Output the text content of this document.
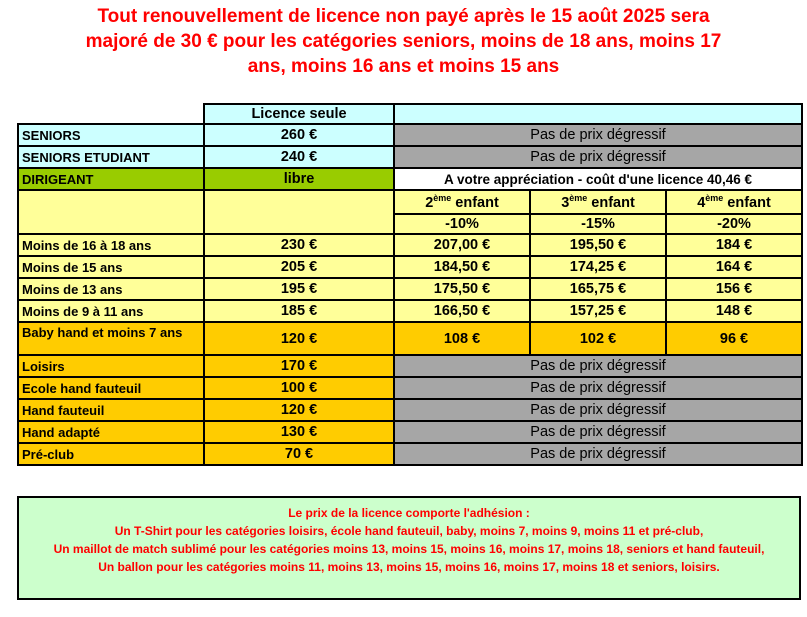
Tout renouvellement de licence non payé après le 15 août 2025 sera
majoré de 30 € pour les catégories seniors, moins de 18 ans, moins 17
ans, moins 16 ans et moins 15 ans
	Licence seule			
SENIORS	260 €	Pas de prix dégressif		
SENIORS ETUDIANT	240 €	Pas de prix dégressif		
DIRIGEANT	libre	A votre appréciation - coût d'une licence 40,46 €		
		2ème enfant	3ème enfant	4ème enfant
		-10%	-15%	-20%
Moins de 16 à 18 ans	230 €	207,00 €	195,50 €	184 €
Moins de 15 ans	205 €	184,50 €	174,25 €	164 €
Moins de 13 ans	195 €	175,50 €	165,75 €	156 €
Moins de 9 à 11 ans	185 €	166,50 €	157,25 €	148 €
Baby hand et moins 7 ans	120 €	108 €	102 €	96 €
Loisirs	170 €	Pas de prix dégressif		
Ecole hand fauteuil	100 €	Pas de prix dégressif		
Hand fauteuil	120 €	Pas de prix dégressif		
Hand adapté	130 €	Pas de prix dégressif		
Pré-club	70 €	Pas de prix dégressif		
Le prix de la licence comporte l'adhésion :
Un T-Shirt pour les catégories loisirs, école hand fauteuil, baby, moins 7, moins 9, moins 11 et pré-club,
Un maillot de match sublimé pour les catégories moins 13, moins 15, moins 16, moins 17, moins 18, seniors et hand fauteuil,
Un ballon pour les catégories moins 11, moins 13, moins 15, moins 16, moins 17, moins 18 et seniors, loisirs.
